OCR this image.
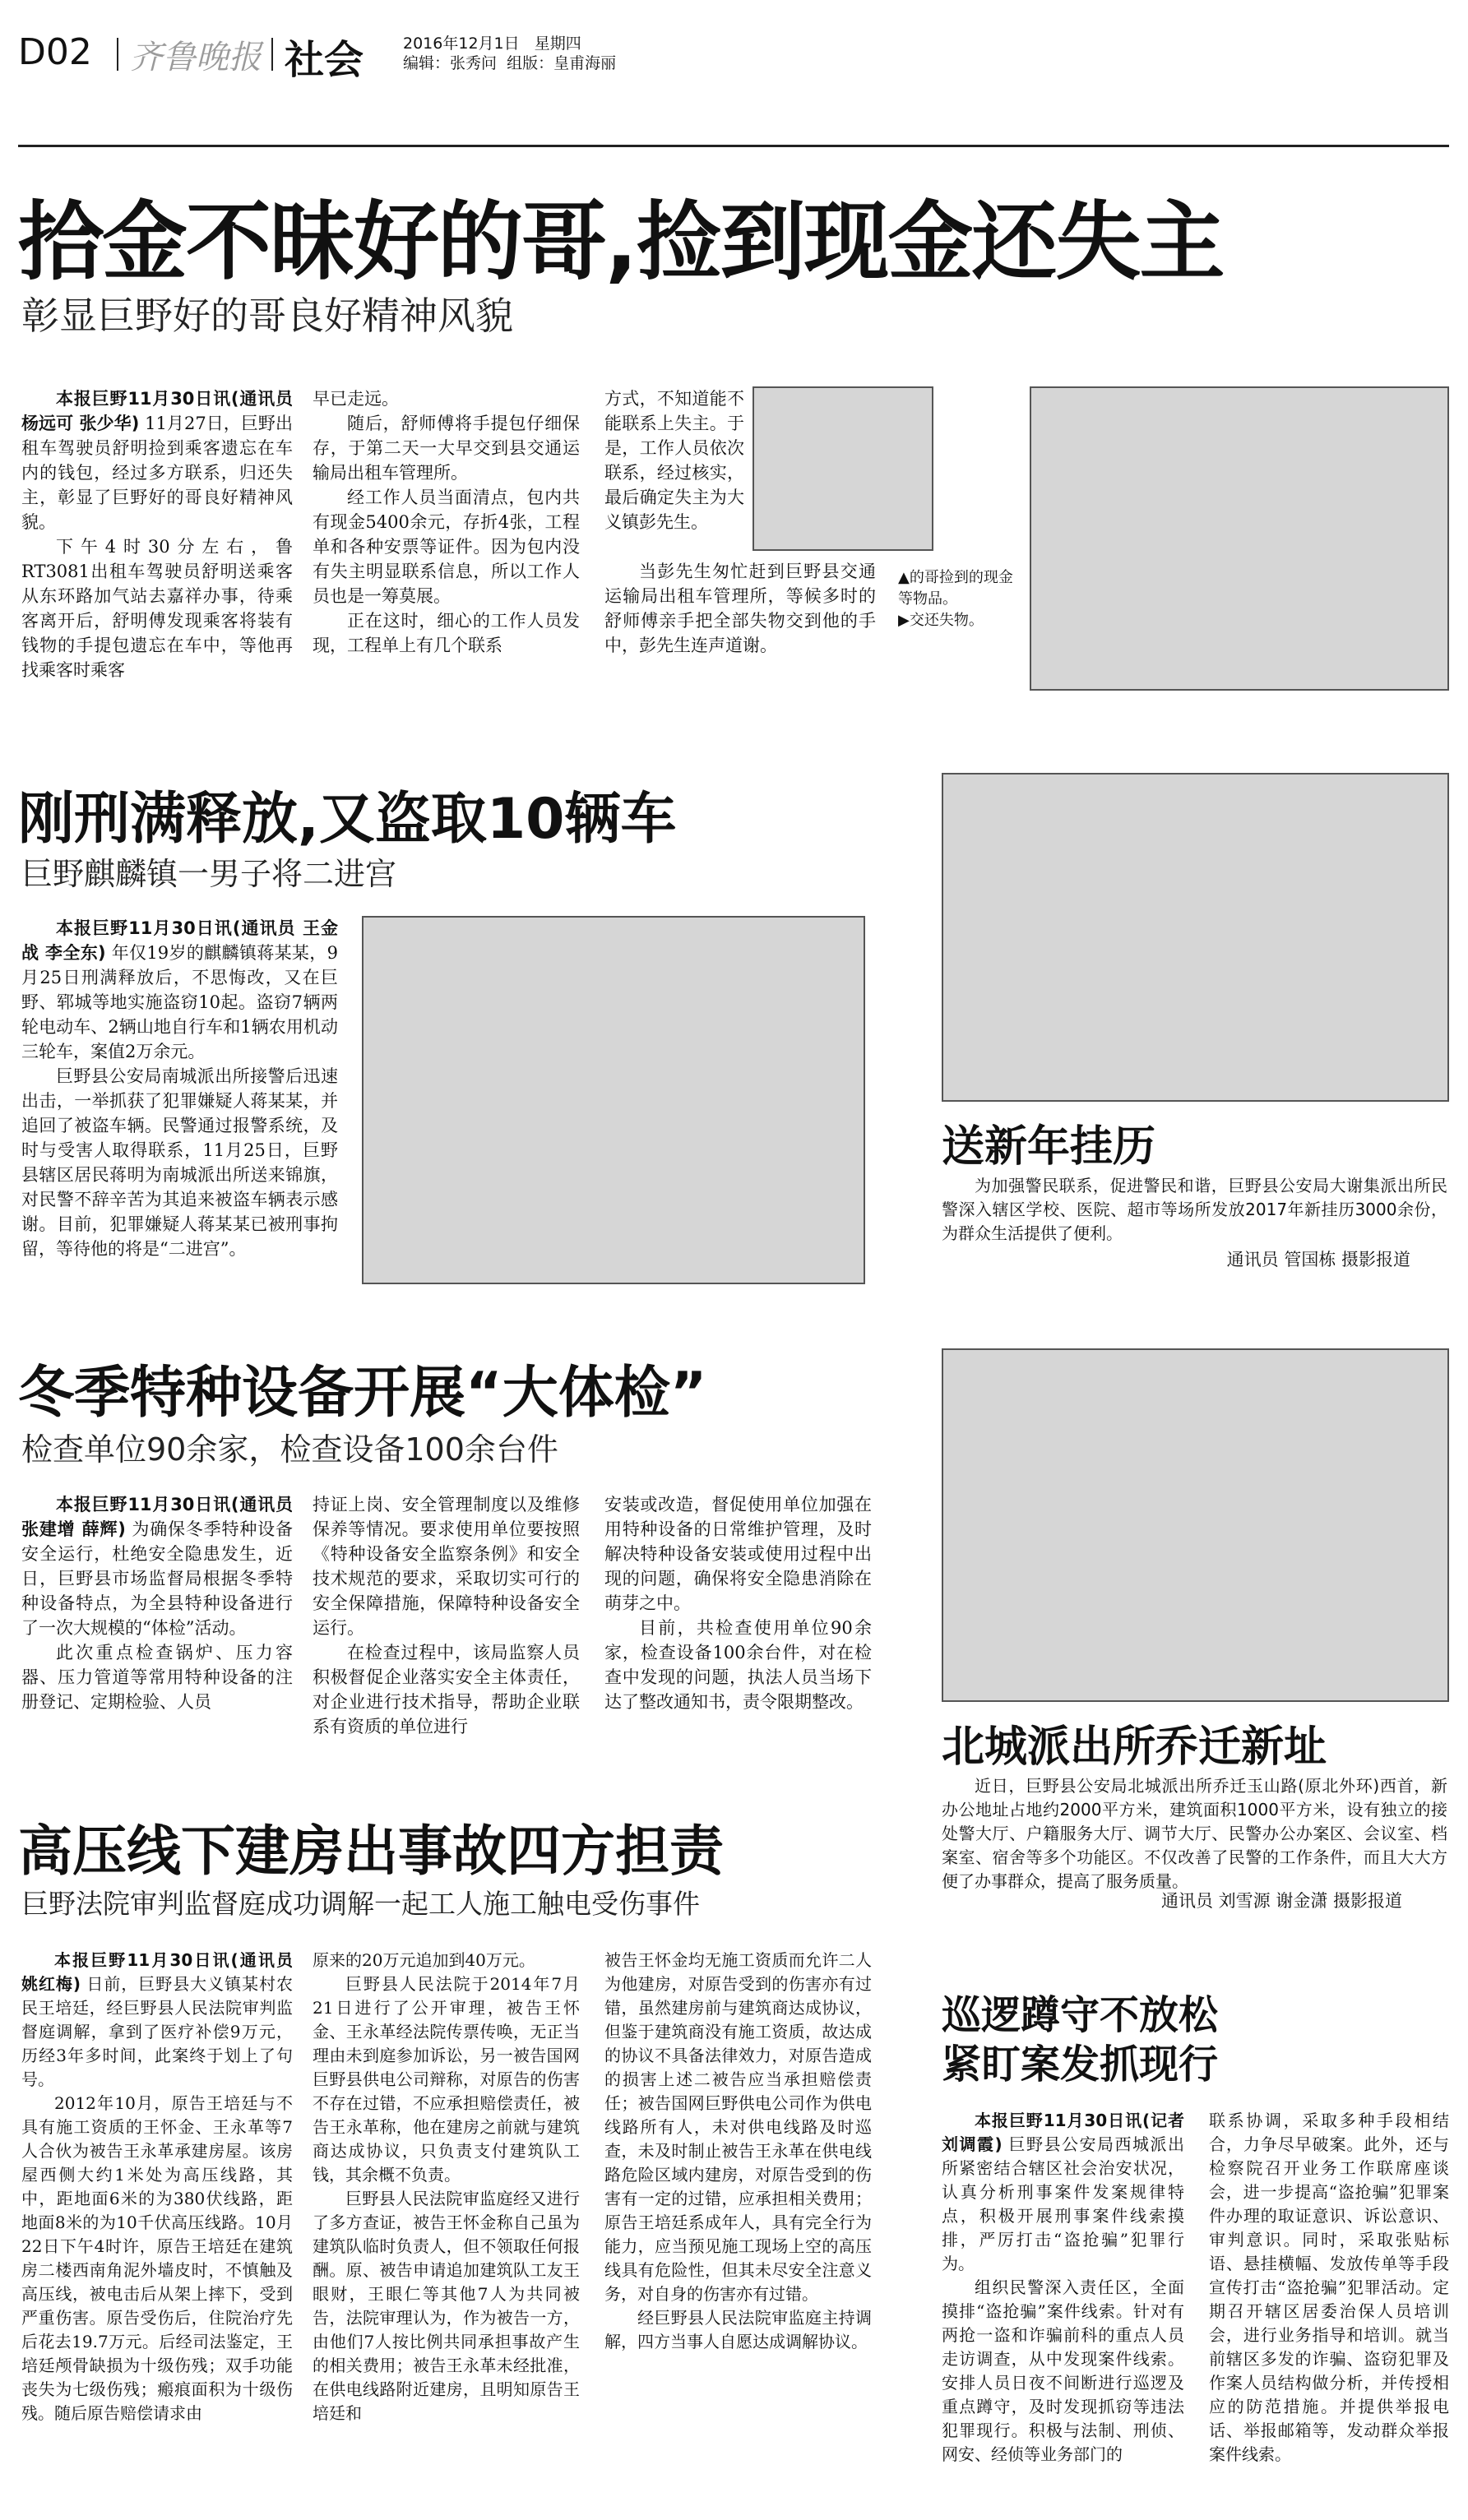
D02 齐鲁晚报 社会	2016年12月1日 星期四
编辑：张秀问 组版：皇甫海丽
拾金不昧好的哥,捡到现金还失主
彰显巨野好的哥良好精神风貌
本报巨野11月30日讯(通讯员 杨远可 张少华) 11月27日，巨野出租车驾驶员舒明捡到乘客遗忘在车内的钱包，经过多方联系，归还失主，彰显了巨野好的哥良好精神风貌。
下午4时30分左右，鲁RT3081出租车驾驶员舒明送乘客从东环路加气站去嘉祥办事，待乘客离开后，舒明傅发现乘客将装有钱物的手提包遗忘在车中，等他再找乘客时乘客
早已走远。
随后，舒师傅将手提包仔细保存，于第二天一大早交到县交通运输局出租车管理所。
经工作人员当面清点，包内共有现金5400余元，存折4张，工程单和各种安票等证件。因为包内没有失主明显联系信息，所以工作人员也是一筹莫展。
正在这时，细心的工作人员发现，工程单上有几个联系
方式，不知道能不能联系上失主。于是，工作人员依次联系，经过核实，最后确定失主为大义镇彭先生。
当彭先生匆忙赶到巨野县交通运输局出租车管理所，等候多时的舒师傅亲手把全部失物交到他的手中，彭先生连声道谢。
▲的哥捡到的现金等物品。
▶交还失物。
刚刑满释放,又盗取10辆车
巨野麒麟镇一男子将二进宫
本报巨野11月30日讯(通讯员 王金战 李全东) 年仅19岁的麒麟镇蒋某某，9月25日刑满释放后，不思悔改，又在巨野、郓城等地实施盗窃10起。盗窃7辆两轮电动车、2辆山地自行车和1辆农用机动三轮车，案值2万余元。
巨野县公安局南城派出所接警后迅速出击，一举抓获了犯罪嫌疑人蒋某某，并追回了被盗车辆。民警通过报警系统，及时与受害人取得联系，11月25日，巨野县辖区居民蒋明为南城派出所送来锦旗，对民警不辞辛苦为其追来被盗车辆表示感谢。目前，犯罪嫌疑人蒋某某已被刑事拘留，等待他的将是“二进宫”。
送新年挂历
为加强警民联系，促进警民和谐，巨野县公安局大谢集派出所民警深入辖区学校、医院、超市等场所发放2017年新挂历3000余份，为群众生活提供了便利。
通讯员 管国栋 摄影报道
冬季特种设备开展“大体检”
检查单位90余家，检查设备100余台件
本报巨野11月30日讯(通讯员 张建增 薛辉) 为确保冬季特种设备安全运行，杜绝安全隐患发生，近日，巨野县市场监督局根据冬季特种设备特点，为全县特种设备进行了一次大规模的“体检”活动。
此次重点检查锅炉、压力容器、压力管道等常用特种设备的注册登记、定期检验、人员
持证上岗、安全管理制度以及维修保养等情况。要求使用单位要按照《特种设备安全监察条例》和安全技术规范的要求，采取切实可行的安全保障措施，保障特种设备安全运行。
在检查过程中，该局监察人员积极督促企业落实安全主体责任，对企业进行技术指导，帮助企业联系有资质的单位进行
安装或改造，督促使用单位加强在用特种设备的日常维护管理，及时解决特种设备安装或使用过程中出现的问题，确保将安全隐患消除在萌芽之中。
目前，共检查使用单位90余家，检查设备100余台件，对在检查中发现的问题，执法人员当场下达了整改通知书，责令限期整改。
北城派出所乔迁新址
近日，巨野县公安局北城派出所乔迁玉山路(原北外环)西首，新办公地址占地约2000平方米，建筑面积1000平方米，设有独立的接处警大厅、户籍服务大厅、调节大厅、民警办公办案区、会议室、档案室、宿舍等多个功能区。不仅改善了民警的工作条件，而且大大方便了办事群众，提高了服务质量。
通讯员 刘雪源 谢金潇 摄影报道
高压线下建房出事故四方担责
巨野法院审判监督庭成功调解一起工人施工触电受伤事件
本报巨野11月30日讯(通讯员 姚红梅) 日前，巨野县大义镇某村农民王培廷，经巨野县人民法院审判监督庭调解，拿到了医疗补偿9万元，历经3年多时间，此案终于划上了句号。
2012年10月，原告王培廷与不具有施工资质的王怀金、王永革等7人合伙为被告王永革承建房屋。该房屋西侧大约1米处为高压线路，其中，距地面6米的为380伏线路，距地面8米的为10千伏高压线路。10月22日下午4时许，原告王培廷在建筑房二楼西南角泥外墙皮时，不慎触及高压线，被电击后从架上摔下，受到严重伤害。原告受伤后，住院治疗先后花去19.7万元。后经司法鉴定，王培廷颅骨缺损为十级伤残；双手功能丧失为七级伤残；瘢痕面积为十级伤残。随后原告赔偿请求由
原来的20万元追加到40万元。
巨野县人民法院于2014年7月21日进行了公开审理，被告王怀金、王永革经法院传票传唤，无正当理由未到庭参加诉讼，另一被告国网巨野县供电公司辩称，对原告的伤害不存在过错，不应承担赔偿责任，被告王永革称，他在建房之前就与建筑商达成协议，只负责支付建筑队工钱，其余概不负责。
巨野县人民法院审监庭经又进行了多方查证，被告王怀金称自己虽为建筑队临时负责人，但不领取任何报酬。原、被告申请追加建筑队工友王眼财，王眼仁等其他7人为共同被告，法院审理认为，作为被告一方，由他们7人按比例共同承担事故产生的相关费用；被告王永革未经批准，在供电线路附近建房，且明知原告王培廷和
被告王怀金均无施工资质而允许二人为他建房，对原告受到的伤害亦有过错，虽然建房前与建筑商达成协议，但鉴于建筑商没有施工资质，故达成的协议不具备法律效力，对原告造成的损害上述二被告应当承担赔偿责任；被告国网巨野供电公司作为供电线路所有人，未对供电线路及时巡查，未及时制止被告王永革在供电线路危险区域内建房，对原告受到的伤害有一定的过错，应承担相关费用；原告王培廷系成年人，具有完全行为能力，应当预见施工现场上空的高压线具有危险性，但其未尽安全注意义务，对自身的伤害亦有过错。
经巨野县人民法院审监庭主持调解，四方当事人自愿达成调解协议。
巡逻蹲守不放松
紧盯案发抓现行
本报巨野11月30日讯(记者 刘调霞) 巨野县公安局西城派出所紧密结合辖区社会治安状况，认真分析刑事案件发案规律特点，积极开展刑事案件线索摸排，严厉打击“盗抢骗”犯罪行为。
组织民警深入责任区，全面摸排“盗抢骗”案件线索。针对有两抢一盗和诈骗前科的重点人员走访调查，从中发现案件线索。安排人员日夜不间断进行巡逻及重点蹲守，及时发现抓窃等违法犯罪现行。积极与法制、刑侦、网安、经侦等业务部门的
联系协调，采取多种手段相结合，力争尽早破案。此外，还与检察院召开业务工作联席座谈会，进一步提高“盗抢骗”犯罪案件办理的取证意识、诉讼意识、审判意识。同时，采取张贴标语、悬挂横幅、发放传单等手段宣传打击“盗抢骗”犯罪活动。定期召开辖区居委治保人员培训会，进行业务指导和培训。就当前辖区多发的诈骗、盗窃犯罪及作案人员结构做分析，并传授相应的防范措施。并提供举报电话、举报邮箱等，发动群众举报案件线索。
